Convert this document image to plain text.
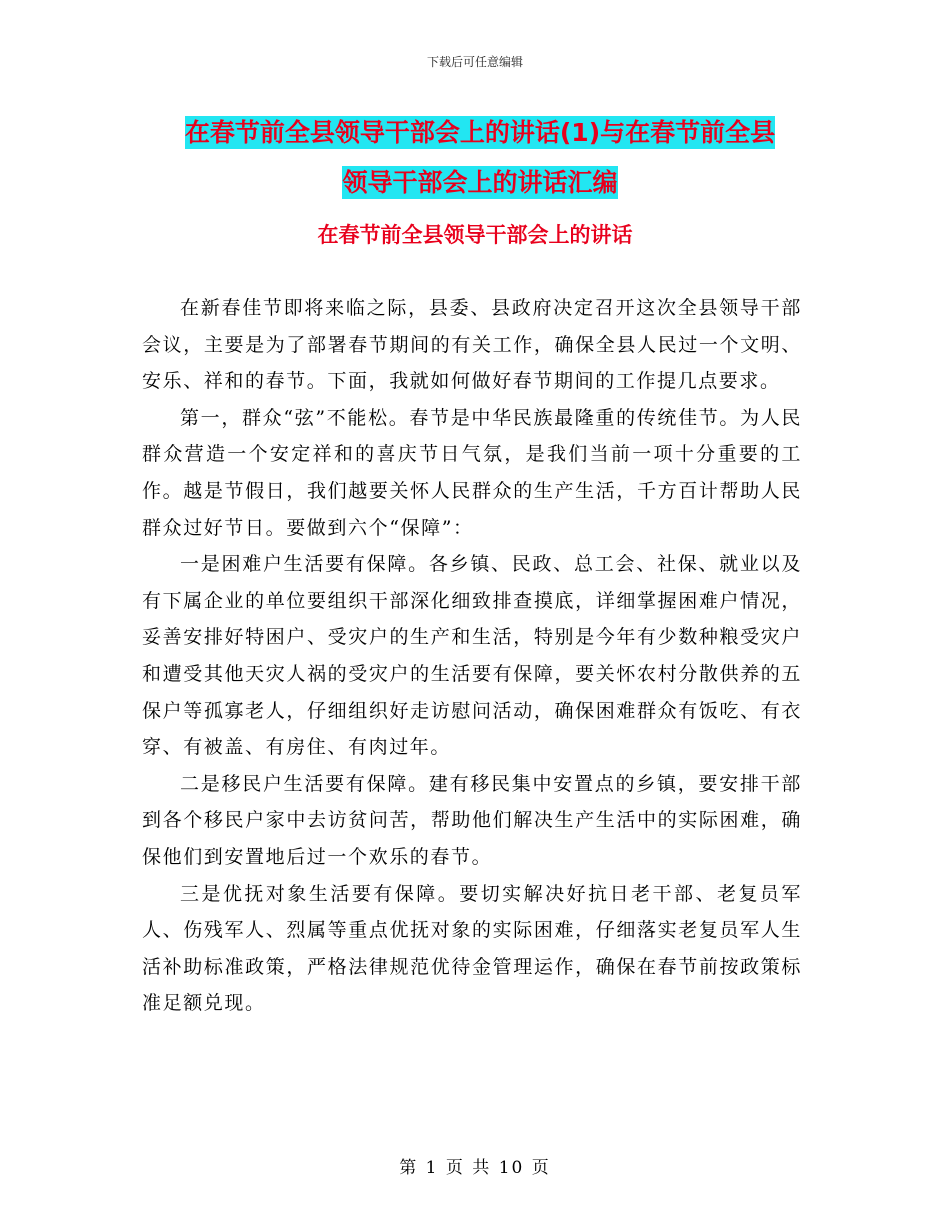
下载后可任意编辑
在春节前全县领导干部会上的讲话(1)与在春节前全县
领导干部会上的讲话汇编
在春节前全县领导干部会上的讲话

在新春佳节即将来临之际，县委、县政府决定召开这次全县领导干部会议，主要是为了部署春节期间的有关工作，确保全县人民过一个文明、安乐、祥和的春节。下面，我就如何做好春节期间的工作提几点要求。

第一，群众“弦”不能松。春节是中华民族最隆重的传统佳节。为人民群众营造一个安定祥和的喜庆节日气氛，是我们当前一项十分重要的工作。越是节假日，我们越要关怀人民群众的生产生活，千方百计帮助人民群众过好节日。要做到六个“保障”：

一是困难户生活要有保障。各乡镇、民政、总工会、社保、就业以及有下属企业的单位要组织干部深化细致排查摸底，详细掌握困难户情况，妥善安排好特困户、受灾户的生产和生活，特别是今年有少数种粮受灾户和遭受其他天灾人祸的受灾户的生活要有保障，要关怀农村分散供养的五保户等孤寡老人，仔细组织好走访慰问活动，确保困难群众有饭吃、有衣穿、有被盖、有房住、有肉过年。

二是移民户生活要有保障。建有移民集中安置点的乡镇，要安排干部到各个移民户家中去访贫问苦，帮助他们解决生产生活中的实际困难，确保他们到安置地后过一个欢乐的春节。

三是优抚对象生活要有保障。要切实解决好抗日老干部、老复员军人、伤残军人、烈属等重点优抚对象的实际困难，仔细落实老复员军人生活补助标准政策，严格法律规范优待金管理运作，确保在春节前按政策标准足额兑现。

第 1 页 共 10 页
